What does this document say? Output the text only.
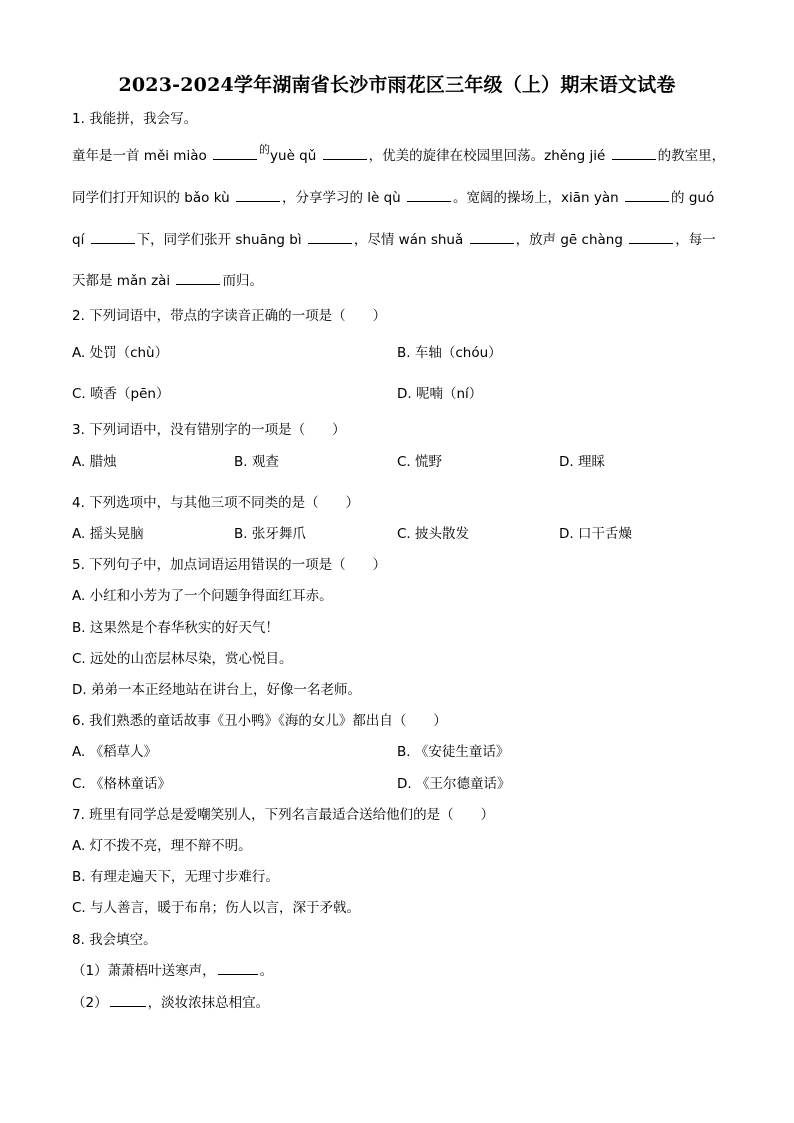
2023-2024学年湖南省长沙市雨花区三年级（上）期末语文试卷
1. 我能拼，我会写。
童年是一首 měi miào	$^的$yuè qǔ	，优美的旋律在校园里回荡。zhěng jié	的教室里，
同学们打开知识的 bǎo kù	，分享学习的 lè qù	。宽阔的操场上，xiān yàn	的 guó
qí	下，同学们张开 shuāng bì	，尽情 wán shuǎ	，放声 gē chàng	，每一
天都是 mǎn zài	而归。
2. 下列词语中，带点的字读音正确的一项是（　　）
A. 处罚（chù）	B. 车轴（chóu）
C. 喷香（pēn）	D. 呢喃（ní）
3. 下列词语中，没有错别字的一项是（　　）
A. 腊烛	B. 观查	C. 慌野	D. 理睬
4. 下列选项中，与其他三项不同类的是（　　）
A. 摇头晃脑	B. 张牙舞爪	C. 披头散发	D. 口干舌燥
5. 下列句子中，加点词语运用错误的一项是（　　）
A. 小红和小芳为了一个问题争得面红耳赤。
B. 这果然是个春华秋实的好天气！
C. 远处的山峦层林尽染，赏心悦目。
D. 弟弟一本正经地站在讲台上，好像一名老师。
6. 我们熟悉的童话故事《丑小鸭》《海的女儿》都出自（　　）
A. 《稻草人》	B. 《安徒生童话》
C. 《格林童话》	D. 《王尔德童话》
7. 班里有同学总是爱嘲笑别人，下列名言最适合送给他们的是（　　）
A. 灯不拨不亮，理不辩不明。
B. 有理走遍天下，无理寸步难行。
C. 与人善言，暖于布帛；伤人以言，深于矛戟。
8. 我会填空。
（1）萧萧梧叶送寒声，	。
（2）	，淡妆浓抹总相宜。
